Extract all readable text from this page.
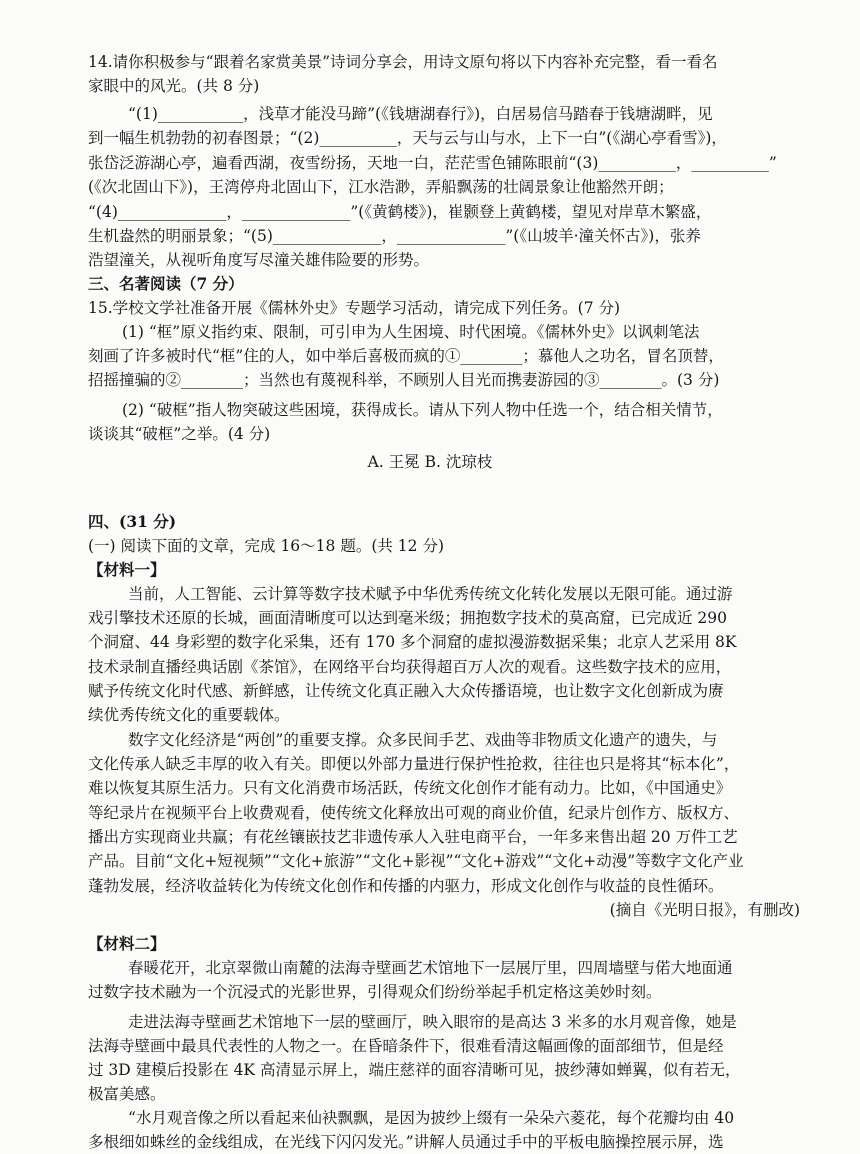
14.请你积极参与“跟着名家赏美景”诗词分享会，用诗文原句将以下内容补充完整，看一看名

家眼中的风光。(共 8 分)

“(1)___________，浅草才能没马蹄”(《钱塘湖春行》)，白居易信马踏春于钱塘湖畔，见

到一幅生机勃勃的初春图景；“(2)__________，天与云与山与水，上下一白”(《湖心亭看雪》)，

张岱泛游湖心亭，遍看西湖，夜雪纷扬，天地一白，茫茫雪色铺陈眼前“(3)__________，__________”

(《次北固山下》)，王湾停舟北固山下，江水浩渺，弄船飘荡的壮阔景象让他豁然开朗；

“(4)______________，______________”(《黄鹤楼》)，崔颢登上黄鹤楼，望见对岸草木繁盛，

生机盎然的明丽景象；“(5)______________，______________”(《山坡羊·潼关怀古》)，张养

浩望潼关，从视听角度写尽潼关雄伟险要的形势。

三、名著阅读（7 分）

15.学校文学社准备开展《儒林外史》专题学习活动，请完成下列任务。(7 分)

(1) “框”原义指约束、限制，可引申为人生困境、时代困境。《儒林外史》以讽刺笔法

刻画了许多被时代“框”住的人，如中举后喜极而疯的①________；慕他人之功名，冒名顶替，

招摇撞骗的②________；当然也有蔑视科举，不顾别人目光而携妻游园的③________。(3 分)

(2) “破框”指人物突破这些困境，获得成长。请从下列人物中任选一个，结合相关情节，

谈谈其“破框”之举。(4 分)

A. 王冕 B. 沈琼枝

四、(31 分)

(一) 阅读下面的文章，完成 16～18 题。(共 12 分)

【材料一】

当前，人工智能、云计算等数字技术赋予中华优秀传统文化转化发展以无限可能。通过游

戏引擎技术还原的长城，画面清晰度可以达到毫米级；拥抱数字技术的莫高窟，已完成近 290

个洞窟、44 身彩塑的数字化采集，还有 170 多个洞窟的虚拟漫游数据采集；北京人艺采用 8K

技术录制直播经典话剧《茶馆》，在网络平台均获得超百万人次的观看。这些数字技术的应用，

赋予传统文化时代感、新鲜感，让传统文化真正融入大众传播语境，也让数字文化创新成为赓

续优秀传统文化的重要载体。

数字文化经济是“两创”的重要支撑。众多民间手艺、戏曲等非物质文化遗产的遗失，与

文化传承人缺乏丰厚的收入有关。即便以外部力量进行保护性抢救，往往也只是将其“标本化”，

难以恢复其原生活力。只有文化消费市场活跃，传统文化创作才能有动力。比如，《中国通史》

等纪录片在视频平台上收费观看，使传统文化释放出可观的商业价值，纪录片创作方、版权方、

播出方实现商业共赢；有花丝镶嵌技艺非遗传承人入驻电商平台，一年多来售出超 20 万件工艺

产品。目前“文化+短视频”“文化+旅游”“文化+影视”“文化+游戏”“文化+动漫”等数字文化产业

蓬勃发展，经济收益转化为传统文化创作和传播的内驱力，形成文化创作与收益的良性循环。

(摘自《光明日报》，有删改)

【材料二】

春暖花开，北京翠微山南麓的法海寺壁画艺术馆地下一层展厅里，四周墙壁与偌大地面通

过数字技术融为一个沉浸式的光影世界，引得观众们纷纷举起手机定格这美妙时刻。

走进法海寺壁画艺术馆地下一层的壁画厅，映入眼帘的是高达 3 米多的水月观音像，她是

法海寺壁画中最具代表性的人物之一。在昏暗条件下，很难看清这幅画像的面部细节，但是经

过 3D 建模后投影在 4K 高清显示屏上，端庄慈祥的面容清晰可见，披纱薄如蝉翼，似有若无，

极富美感。

“水月观音像之所以看起来仙袂飘飘，是因为披纱上缀有一朵朵六菱花，每个花瓣均由 40

多根细如蛛丝的金线组成，在光线下闪闪发光。”讲解人员通过手中的平板电脑操控展示屏，选
